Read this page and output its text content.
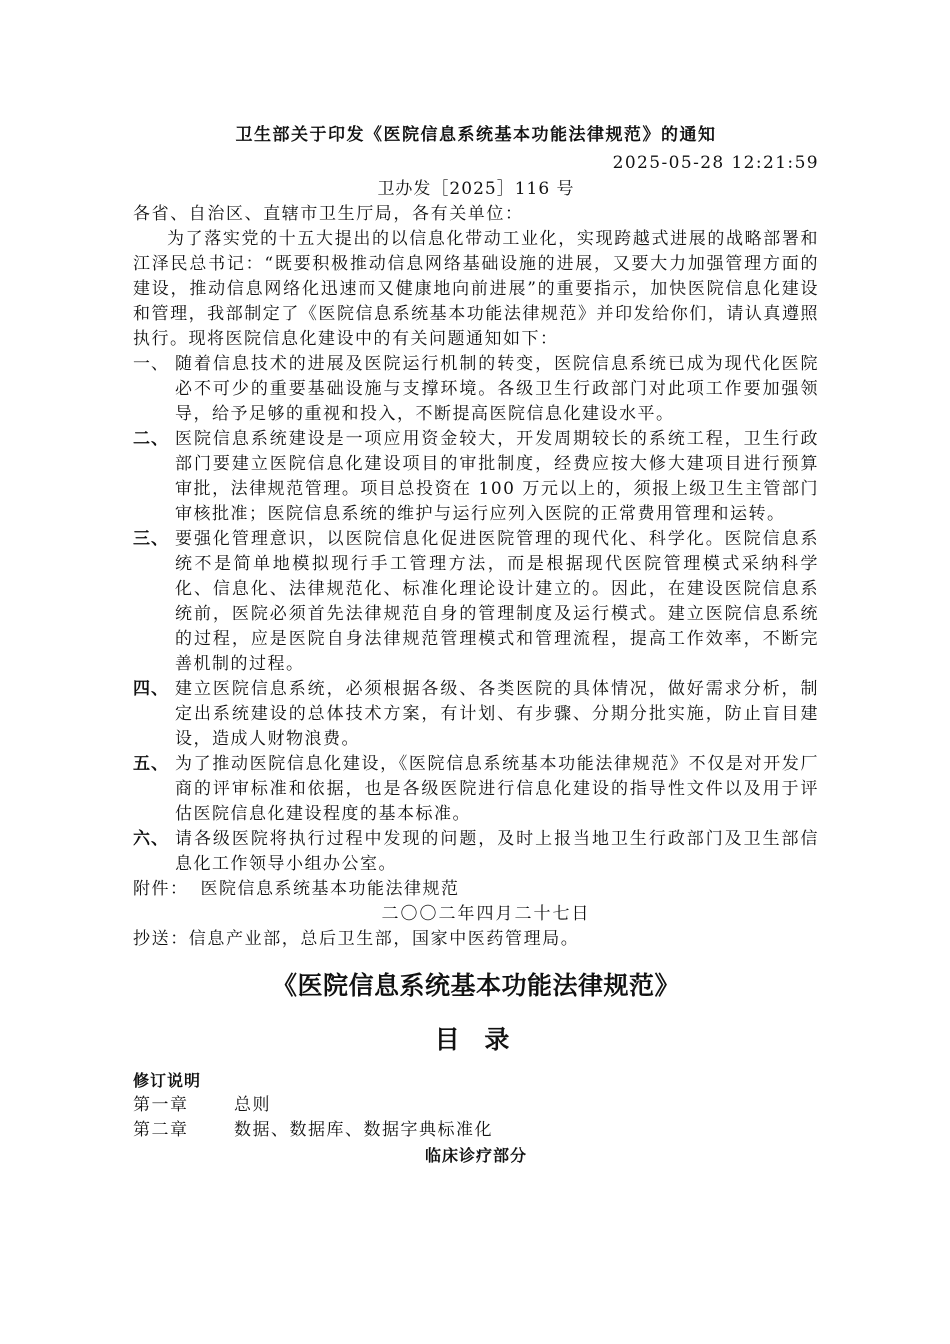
卫生部关于印发《医院信息系统基本功能法律规范》的通知
2025-05-28 12:21:59
卫办发［2025］116 号
各省、自治区、直辖市卫生厅局，各有关单位：
为了落实党的十五大提出的以信息化带动工业化，实现跨越式进展的战略部署和江泽民总书记：“既要积极推动信息网络基础设施的进展，又要大力加强管理方面的建设，推动信息网络化迅速而又健康地向前进展”的重要指示，加快医院信息化建设和管理，我部制定了《医院信息系统基本功能法律规范》并印发给你们，请认真遵照执行。现将医院信息化建设中的有关问题通知如下：
一、 随着信息技术的进展及医院运行机制的转变，医院信息系统已成为现代化医院必不可少的重要基础设施与支撑环境。各级卫生行政部门对此项工作要加强领导，给予足够的重视和投入，不断提高医院信息化建设水平。
二、 医院信息系统建设是一项应用资金较大，开发周期较长的系统工程，卫生行政部门要建立医院信息化建设项目的审批制度，经费应按大修大建项目进行预算审批，法律规范管理。项目总投资在 100 万元以上的，须报上级卫生主管部门审核批准；医院信息系统的维护与运行应列入医院的正常费用管理和运转。
三、 要强化管理意识，以医院信息化促进医院管理的现代化、科学化。医院信息系统不是简单地模拟现行手工管理方法，而是根据现代医院管理模式采纳科学化、信息化、法律规范化、标准化理论设计建立的。因此，在建设医院信息系统前，医院必须首先法律规范自身的管理制度及运行模式。建立医院信息系统的过程，应是医院自身法律规范管理模式和管理流程，提高工作效率，不断完善机制的过程。
四、 建立医院信息系统，必须根据各级、各类医院的具体情况，做好需求分析，制定出系统建设的总体技术方案，有计划、有步骤、分期分批实施，防止盲目建设，造成人财物浪费。
五、 为了推动医院信息化建设，《医院信息系统基本功能法律规范》不仅是对开发厂商的评审标准和依据，也是各级医院进行信息化建设的指导性文件以及用于评估医院信息化建设程度的基本标准。
六、 请各级医院将执行过程中发现的问题，及时上报当地卫生行政部门及卫生部信息化工作领导小组办公室。
附件： 医院信息系统基本功能法律规范
二〇〇二年四月二十七日
抄送：信息产业部，总后卫生部，国家中医药管理局。
《医院信息系统基本功能法律规范》
目 录
修订说明
第一章	总则
第二章	数据、数据库、数据字典标准化
临床诊疗部分
